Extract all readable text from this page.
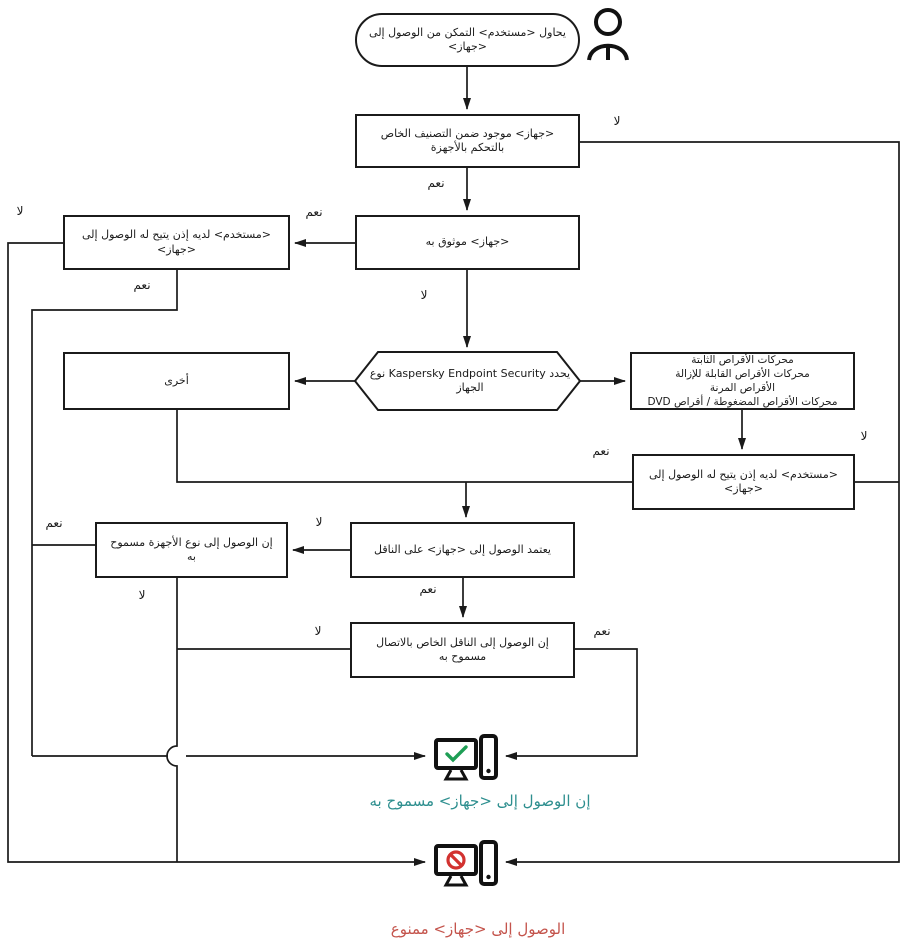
يحاول <مستخدم> التمكن من الوصول إلى <جهاز>
<جهاز> موجود ضمن التصنيف الخاص بالتحكم بالأجهزة
<جهاز> موثوق به
<مستخدم> لديه إذن يتيح له الوصول إلى <جهاز>
يحدد Kaspersky Endpoint Security نوع الجهاز
محركات الأقراص الثابتة
محركات الأقراص القابلة للإزالة
الأقراص المرنة
محركات الأقراص المضغوطة / أقراص DVD
أخرى
<مستخدم> لديه إذن يتيح له الوصول إلى <جهاز>
يعتمد الوصول إلى <جهاز> على الناقل
إن الوصول إلى نوع الأجهزة مسموح به
إن الوصول إلى الناقل الخاص بالاتصال مسموح به
لا
نعم
نعم
لا
لا
نعم
نعم
لا
لا
نعم
نعم
لا
لا	نعم
إن الوصول إلى <جهاز> مسموح به
الوصول إلى <جهاز> ممنوع
